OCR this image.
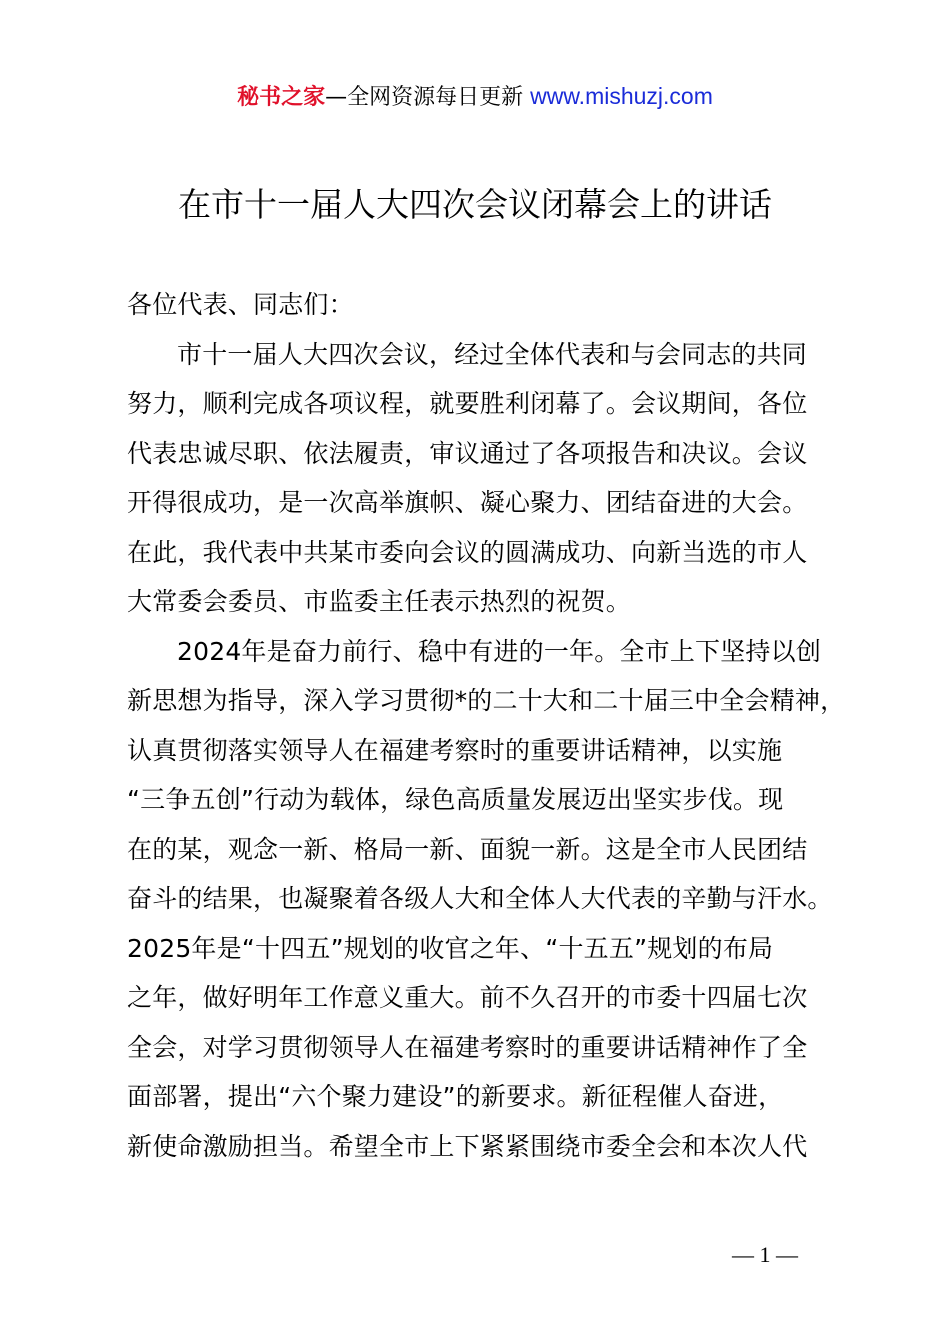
秘书之家—全网资源每日更新 www.mishuzj.com
在市十一届人大四次会议闭幕会上的讲话
各位代表、同志们：
市十一届人大四次会议，经过全体代表和与会同志的共同
努力，顺利完成各项议程，就要胜利闭幕了。会议期间，各位
代表忠诚尽职、依法履责，审议通过了各项报告和决议。会议
开得很成功，是一次高举旗帜、凝心聚力、团结奋进的大会。
在此，我代表中共某市委向会议的圆满成功、向新当选的市人
大常委会委员、市监委主任表示热烈的祝贺。
2024年是奋力前行、稳中有进的一年。全市上下坚持以创
新思想为指导，深入学习贯彻*的二十大和二十届三中全会精神，
认真贯彻落实领导人在福建考察时的重要讲话精神，以实施
“三争五创”行动为载体，绿色高质量发展迈出坚实步伐。现
在的某，观念一新、格局一新、面貌一新。这是全市人民团结
奋斗的结果，也凝聚着各级人大和全体人大代表的辛勤与汗水。
2025年是“十四五”规划的收官之年、“十五五”规划的布局
之年，做好明年工作意义重大。前不久召开的市委十四届七次
全会，对学习贯彻领导人在福建考察时的重要讲话精神作了全
面部署，提出“六个聚力建设”的新要求。新征程催人奋进，
新使命激励担当。希望全市上下紧紧围绕市委全会和本次人代
— 1 —
